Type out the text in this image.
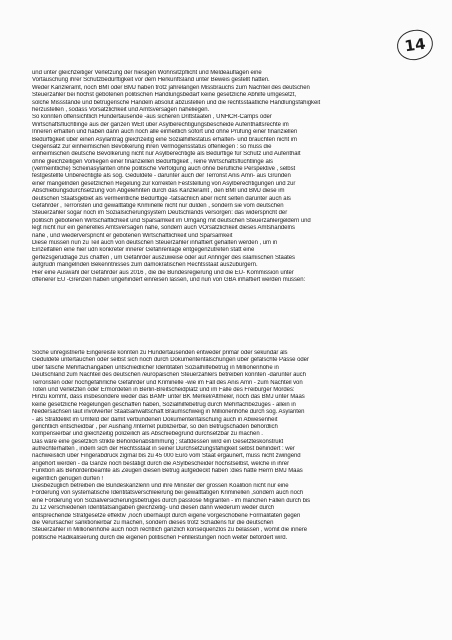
14
und unter gleichzeitiger Verletzung der hiesigen Wohnsitzpflicht und Meldeauflagen eine
Vortäuschung ihrer Schutzbedürftigkeit vor dem Herkunftsland unter Beweis gestellt hatten.
Weder Kanzleramt, noch BMI oder BMJ haben trotz jahrelangen Missbrauchs zum Nachteil des deutschen
Steuerzahler bei höchst gebotenen politischen Handlungsbedarf keine gesetzliche Abhilfe umgesetzt,
solche Missstände und betrügerische Handeln absolut abzustellen und die rechtsstaatliche Handlungsfähigkeit
herzustellen , sodass Vorsatzlichkeit und Amtsversagen naheliegen.
So konnten offensichtlich Hundertausende -aus sicheren Drittstaaten , UNHCR-Camps oder
Wirtschaftsflüchtlinge aus der ganzen WElt über Asylberechtigungsbescheide Aufenthaltsrechte im
Inneren erhalten und haben dann auch noch alle einheitlich sofort und ohne Prüfung einer finanziellen
Bedürftigkeit über einen Asylantrag gleichzeitig eine Sozialhilfestatus erhalten- und brauchten nicht im
Gegensatz zur einheimischen Bevölkerung ihren Vermögensstatus offenlegen : so muss die
einheimischen deutsche Bevölkerung nicht nur Asylberechtigte als Bedürftige für Schutz und Aufenthalt
ohne gleichzeitigen Vorliegen einer finanziellen Bedürftigkeit , reine Wirtschaftsflüchtlinge als
(vermeintliche) Scheinasylanten ohne politische Verfolgung auch ohne berufliche Perspektive , selbst
festgestellte Unberechtigte als sog. Geduldete - darunter auch der Terrorist Anis Amri- aus Gründen
einer mangelnden gesetzlichen Regelung zur korrekten Feststellung von Asylberechtigungen und zur
Abschiebungsdurchsetzung von Abgelehnten durch das Kanzleramt , den BMI und BMJ diese im
deutschen Staatsgebiet als vermeintliche Bedürftige -tatsächlich aber nicht selten darunter auch als
Gefährder , Terroristen und gewalttätige Kriminelle nicht nur dulden , sondern sie vom deutschen
Steuerzahler sogar noch im Sozialsicherungsystem Deutschlands versorgen: das widerspricht der
politisch gebotenen Wirtschaftlichkeit und Sparsamkeit im Umgang mit deutschen Steuerzahlergeldern und
legt nicht nur ein generelles Amtsversagen nahe, sondern auch VOrsätzlichkeit dieses Amtshandelns
nahe , und wiederverspricht er gebotenen Wirtschaftlichkeit und Sparsamkeit
Diese müssen nun zu Teil auch von deutschen Steuerzahler inhaftiert gehalten werden , um in
Einzelfällen eine hier udn konkreter innerer Gefährenlage entgegenzutreten statt eine
gertezsgerudlage zus chaffen , um Gefährder auszuweise oder auf Anhnger des islamischen Staates
aufgrudn mangelnden Bekenntnisses zum damokratischen Rechtsstaat auszubürgern.
Hier eine Auswahl der Gefährder aus 2016 , die die Bundesregierung und die EU- Kommission unter
offenerer EU -Grenzen haben ungehindert einreisen lassen, und nun von GBA inhaftiert werden müssen:
Soche unregistrierte Eingereiste konnten zu Hundertausenden entweder primär oder sekundär als
Geduldete untertauchen oder selbst sich noch durch Dokumentenfälschungen über gefälschte Pässe oder
über falsche Mehrfachangaben untschiedlicher Identitäten Sozialhilfebetrug in Millionenhöhe in
Deutschland zum Nachteil des deutschen /europäischen Steuerzahlers betreiben konnten -darunter auch
Terroristen oder hochgefährliche Gefährder und Kriminelle -wie im Fall des Anis Amri - zum Nachteil von
Toten und Verletzten oder Ermordeten in Berlin-Breitscheidplatz und im Falle des Freiburger Mordes:
Hinzu kommt, dass insbesondere weder das BAMF unter BK Merkel/Altmeier, noch das BMJ unter Maas
keine gesetzliche Regelungen geschaffen haben, Sozialhilfebetrug durch Mehrfachbezuges - allein in
Niedersachsen laut involvierter Staatsanwaltschaft Braumschweig in Millionenhöhe durch sog. Asylanten
- als Strafdelikt im Umfeld der damit verbundenen Dokumentenfälschung auch in Abwesenheit
gerichtlich entscheidbar , per Aushang /Internet publizierbar, so den Betrugschaden behördlich
kompensierbar und gleichzeitig polizeilich als Abschiebegrund durchsetzbar zu machen .
Das wäre eine gesetzlich strikte Behördenabstimmung ; stattdessen wird ein Gesetzteskonstrukt
aufrechterhalten , indem sich der Rechtsstaat in seiner Durchsetzungsfähigkeit selbst behindert : wer
nachweislich über Fingerabdruck zigmal bis zu 45 000 Euro vom Staat ergaunert, muss nicht zwingend
angehört werden - da Ganze noch bestätigt durch die ASylbescheider höchstselbst, welche in ihrer
Funktion als Behördenbeamte als Zeugen diesen Betrug aufgedeckt haben :dies hätte Herrn BMJ Maas
eigentlich genügen dürfen !
Diesbezüglich betreiben die Bundeskanzlerin und ihre Minister der grossen Koalition nicht nur eine
Förderung von systematische Identitätsverschleierung bei gewalttätigen Kriminellen ,sondern auch noch
eine Förderung von Sozialversicherungsbetruges durch passlose Migranten - im manchen Fällen durch bis
zu 12 verschiedenen Identitätsangaben gleichzeitig- und diesen dann wiederum weder durch
entsprechende Strafgesetze effektiv ,noch überhaupt durch eigene vorgeschobene Formalitäten gegen
die Verursacher sanktionierbar zu machen, sondern dieses trotz Schadens für die deutschen
Steuerzahler in Millionenhöhe auch noch rechtlich gänzlich konsequenzlos zu belassen , womit die innere
politische Radikalisierung durch die eigenen politischen Fehlleistungen noch weiter befördert wird.
